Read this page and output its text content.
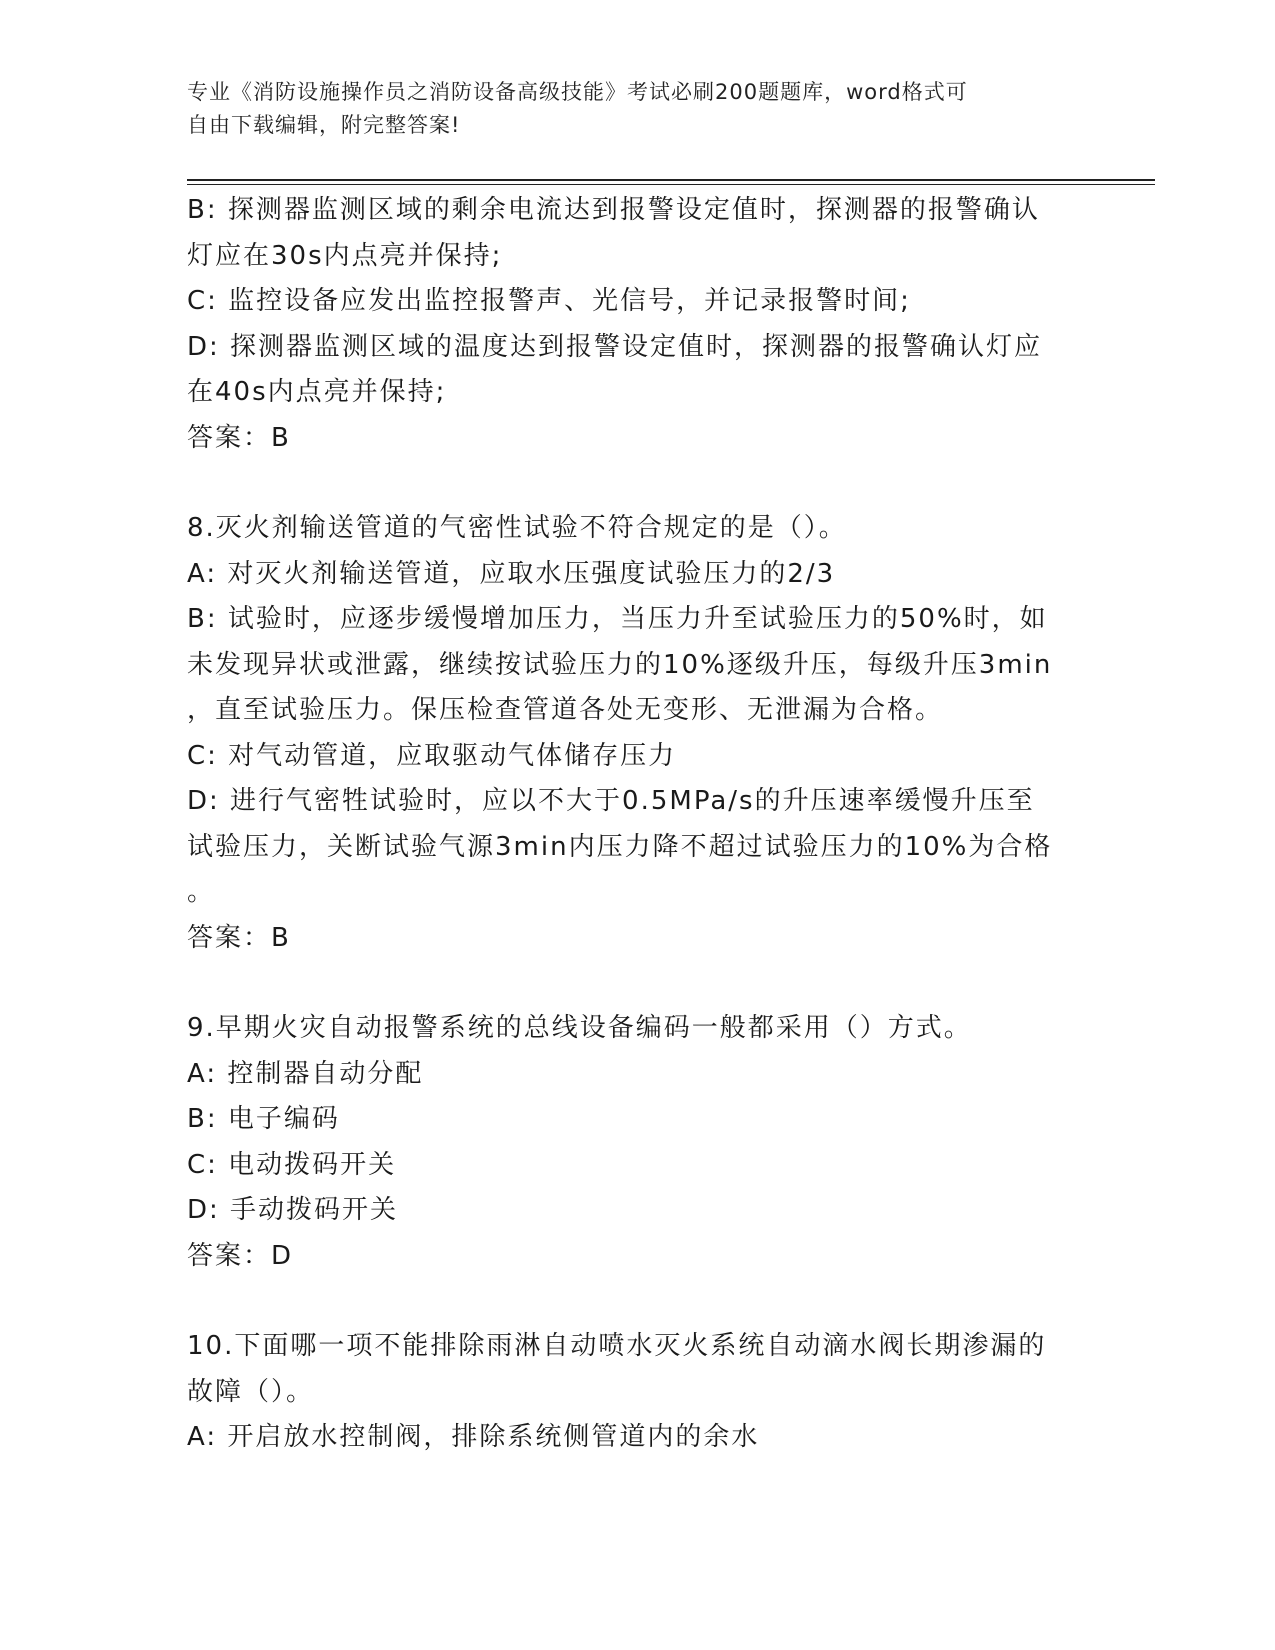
专业《消防设施操作员之消防设备高级技能》考试必刷200题题库，word格式可
自由下载编辑，附完整答案!
B: 探测器监测区域的剩余电流达到报警设定值时，探测器的报警确认
灯应在30s内点亮并保持;
C: 监控设备应发出监控报警声、光信号，并记录报警时间;
D: 探测器监测区域的温度达到报警设定值时，探测器的报警确认灯应
在40s内点亮并保持;
答案：B
8.灭火剂输送管道的气密性试验不符合规定的是（）。
A: 对灭火剂输送管道，应取水压强度试验压力的2/3
B: 试验时，应逐步缓慢增加压力，当压力升至试验压力的50%时，如
未发现异状或泄露，继续按试验压力的10%逐级升压，每级升压3min
，直至试验压力。保压检查管道各处无变形、无泄漏为合格。
C: 对气动管道，应取驱动气体储存压力
D: 进行气密牲试验时，应以不大于0.5MPa/s的升压速率缓慢升压至
试验压力，关断试验气源3min内压力降不超过试验压力的10%为合格
。
答案：B
9.早期火灾自动报警系统的总线设备编码一般都采用（）方式。
A: 控制器自动分配
B: 电子编码
C: 电动拨码开关
D: 手动拨码开关
答案：D
10.下面哪一项不能排除雨淋自动喷水灭火系统自动滴水阀长期渗漏的
故障（）。
A: 开启放水控制阀，排除系统侧管道内的余水
